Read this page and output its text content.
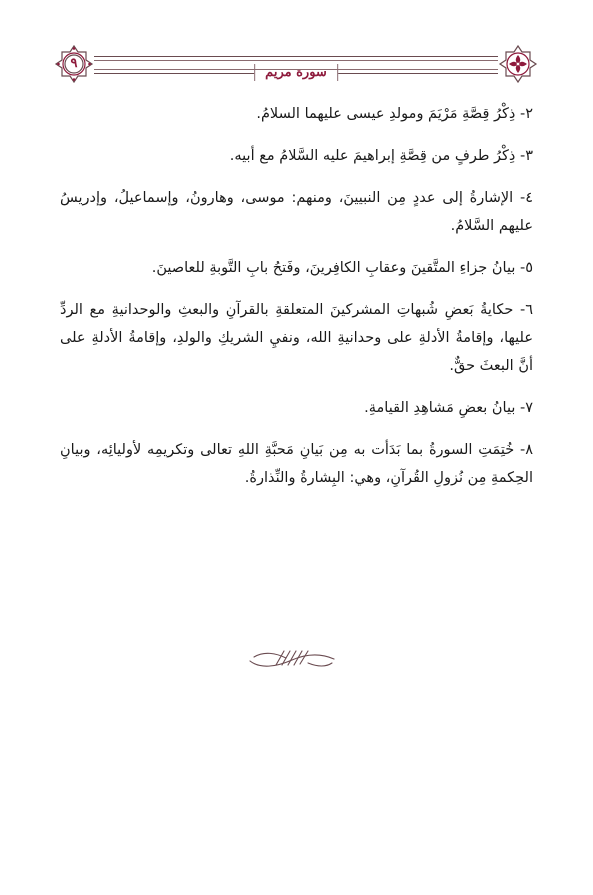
سورة مريم
٩

٢- ذِكْرُ قِصَّةِ مَرْيَمَ ومولدِ عيسى عليهما السلامُ.

٣- ذِكْرُ طرفٍ من قِصَّةِ إبراهيمَ عليه السَّلامُ مع أبيه.

٤- الإشارةُ إلى عددٍ مِن النبيينَ، ومنهم: موسى، وهارونُ، وإسماعيلُ، وإدريسُ عليهم السَّلامُ.

٥- بيانُ جزاءِ المتَّقينَ وعقابِ الكافِرينَ، وفَتحُ بابِ التَّوبةِ للعاصينَ.

٦- حكايةُ بَعضِ شُبهاتِ المشركينَ المتعلقةِ بالقرآنِ والبعثِ والوحدانيةِ مع الردِّ عليها، وإقامةُ الأدلةِ على وحدانيةِ الله، ونفيِ الشريكِ والولدِ، وإقامةُ الأدلةِ على أنَّ البعثَ حقٌّ.

٧- بيانُ بعضِ مَشاهِدِ القيامةِ.

٨- خُتِمَتِ السورةُ بما بَدَأت به مِن بَيانِ مَحبَّةِ اللهِ تعالى وتكريمِه لأوليائِه، وبيانِ الحِكمةِ مِن نُزولِ القُرآنِ، وهي: البِشارةُ والنِّذارةُ.
